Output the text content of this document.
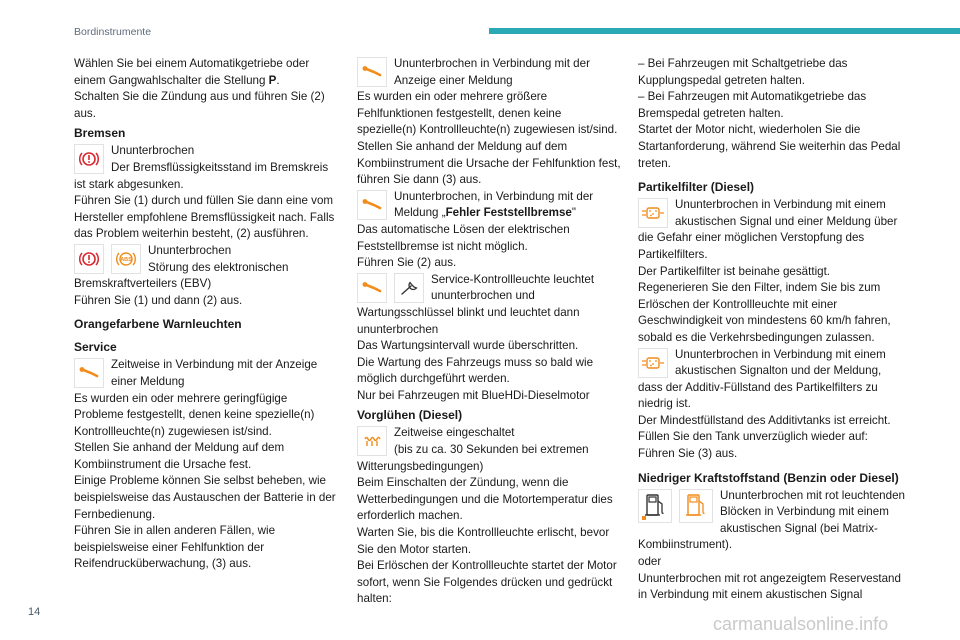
Bordinstrumente

Wählen Sie bei einem Automatikgetriebe oder einem Gangwahlschalter die Stellung P.

Schalten Sie die Zündung aus und führen Sie (2) aus.

Bremsen

Ununterbrochen
Der Bremsflüssigkeitsstand im Bremskreis ist stark abgesunken.
Führen Sie (1) durch und füllen Sie dann eine vom Hersteller empfohlene Bremsflüssigkeit nach. Falls das Problem weiterhin besteht, (2) ausführen.

ABS

Ununterbrochen
Störung des elektronischen Bremskraftverteilers (EBV)
Führen Sie (1) und dann (2) aus.

Orangefarbene Warnleuchten
Service

Zeitweise in Verbindung mit der Anzeige einer Meldung
Es wurden ein oder mehrere geringfügige Probleme festgestellt, denen keine spezielle(n) Kontrollleuchte(n) zugewiesen ist/sind.
Stellen Sie anhand der Meldung auf dem Kombiinstrument die Ursache fest.
Einige Probleme können Sie selbst beheben, wie beispielsweise das Austauschen der Batterie in der Fernbedienung.
Führen Sie in allen anderen Fällen, wie beispielsweise einer Fehlfunktion der Reifendrucküberwachung, (3) aus.

Ununterbrochen in Verbindung mit der Anzeige einer Meldung
Es wurden ein oder mehrere größere Fehlfunktionen festgestellt, denen keine spezielle(n) Kontrollleuchte(n) zugewiesen ist/sind.
Stellen Sie anhand der Meldung auf dem Kombiinstrument die Ursache der Fehlfunktion fest, führen Sie dann (3) aus.

Ununterbrochen, in Verbindung mit der Meldung „Fehler Feststellbremse"
Das automatische Lösen der elektrischen Feststellbremse ist nicht möglich.
Führen Sie (2) aus.

Service-Kontrollleuchte leuchtet ununterbrochen und Wartungsschlüssel blinkt und leuchtet dann ununterbrochen
Das Wartungsintervall wurde überschritten.
Die Wartung des Fahrzeugs muss so bald wie möglich durchgeführt werden.
Nur bei Fahrzeugen mit BlueHDi-Dieselmotor

Vorglühen (Diesel)

Zeitweise eingeschaltet
(bis zu ca. 30 Sekunden bei extremen Witterungsbedingungen)
Beim Einschalten der Zündung, wenn die Wetterbedingungen und die Motortemperatur dies erforderlich machen.
Warten Sie, bis die Kontrollleuchte erlischt, bevor Sie den Motor starten.
Bei Erlöschen der Kontrollleuchte startet der Motor sofort, wenn Sie Folgendes drücken und gedrückt halten:

– Bei Fahrzeugen mit Schaltgetriebe das Kupplungspedal getreten halten.
– Bei Fahrzeugen mit Automatikgetriebe das Bremspedal getreten halten.
Startet der Motor nicht, wiederholen Sie die Startanforderung, während Sie weiterhin das Pedal treten.

Partikelfilter (Diesel)

Ununterbrochen in Verbindung mit einem akustischen Signal und einer Meldung über die Gefahr einer möglichen Verstopfung des Partikelfilters.
Der Partikelfilter ist beinahe gesättigt.
Regenerieren Sie den Filter, indem Sie bis zum Erlöschen der Kontrollleuchte mit einer Geschwindigkeit von mindestens 60 km/h fahren, sobald es die Verkehrsbedingungen zulassen.

Ununterbrochen in Verbindung mit einem akustischen Signalton und der Meldung, dass der Additiv-Füllstand des Partikelfilters zu niedrig ist.
Der Mindestfüllstand des Additivtanks ist erreicht.
Füllen Sie den Tank unverzüglich wieder auf: Führen Sie (3) aus.

Niedriger Kraftstoffstand (Benzin oder Diesel)

Ununterbrochen mit rot leuchtenden Blöcken in Verbindung mit einem akustischen Signal (bei Matrix-Kombiinstrument).
oder
Ununterbrochen mit rot angezeigtem Reservestand in Verbindung mit einem akustischen Signal

14
carmanualsonline.info
